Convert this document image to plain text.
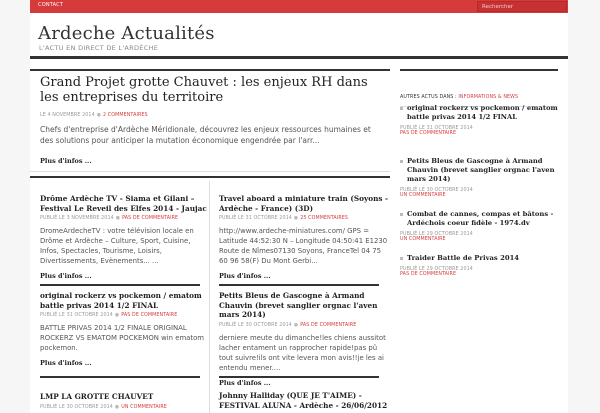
CONTACT	Rechercher
Ardeche Actualités
L'ACTU EN DIRECT DE L'ARDÈCHE
Grand Projet grotte Chauvet : les enjeux RH dans les entreprises du territoire
LE 4 NOVEMBRE 2014 ● 2 COMMENTAIRES
Chefs d'entreprise d'Ardèche Méridionale, découvrez les enjeux ressources humaines et des solutions pour anticiper la mutation économique engendrée par l'arr...
Plus d'infos ...
Drôme Ardèche TV - Siama et Gilani – Festival Le Reveil des Elfes 2014 - Jaujac
PUBLIÉ LE 3 NOVEMBRE 2014 ● PAS DE COMMENTAIRE
DromeArdecheTV : votre télévision locale en Drôme et Ardèche – Culture, Sport, Cuisine, Infos, Spectacles, Tourisme, Loisirs, Divertissements, Evènements... ...
Plus d'infos ...
Travel aboard a miniature train (Soyons - Ardèche - France) (3D)
PUBLIÉ LE 31 OCTOBRE 2014 ● 25 COMMENTAIRES
http://www.ardeche-miniatures.com/ GPS = Latitude 44:52:30 N – Longitude 04:50:41 E1230 Route de Nîmes07130 Soyons, FranceTel 04 75 60 96 58(F) Du Mont Gerbi...
Plus d'infos ...
original rockerz vs pockemon / ematom battle privas 2014 1/2 FINAL
PUBLIÉ LE 31 OCTOBRE 2014 ● PAS DE COMMENTAIRE
BATTLE PRIVAS 2014 1/2 FINALE ORIGINAL ROCKERZ VS EMATOM POCKEMON win ematom pockemon.
Plus d'infos ...
Petits Bleus de Gascogne à Armand Chauvin (brevet sanglier orgnac l'aven mars 2014)
PUBLIÉ LE 30 OCTOBRE 2014 ● PAS DE COMMENTAIRE
derniere meute du dimanche!les chiens aussitot lacher entament un rapprocher rapide!pas pû tout suivre!ils ont vite levera mon avis!!je les ai entendu mener....
Plus d'infos ...
LMP LA GROTTE CHAUVET
PUBLIÉ LE 30 OCTOBRE 2014 ● UN COMMENTAIRE
Johnny Halliday (QUE JE T'AIME) - FESTIVAL ALUNA - Ardèche - 26/06/2012
AUTRES ACTUS DANS : INFORMATIONS & NEWS
original rockerz vs pockemon / ematom battle privas 2014 1/2 FINAL
PUBLIÉ LE 31 OCTOBRE 2014
PAS DE COMMENTAIRE
Petits Bleus de Gascogne à Armand Chauvin (brevet sanglier orgnac l'aven mars 2014)
PUBLIÉ LE 30 OCTOBRE 2014
UN COMMENTAIRE
Combat de cannes, compas et bâtons - Ardéchois coeur fidèle - 1974.dv
PUBLIÉ LE 29 OCTOBRE 2014
UN COMMENTAIRE
Traider Battle de Privas 2014
PUBLIÉ LE 29 OCTOBRE 2014
PAS DE COMMENTAIRE
